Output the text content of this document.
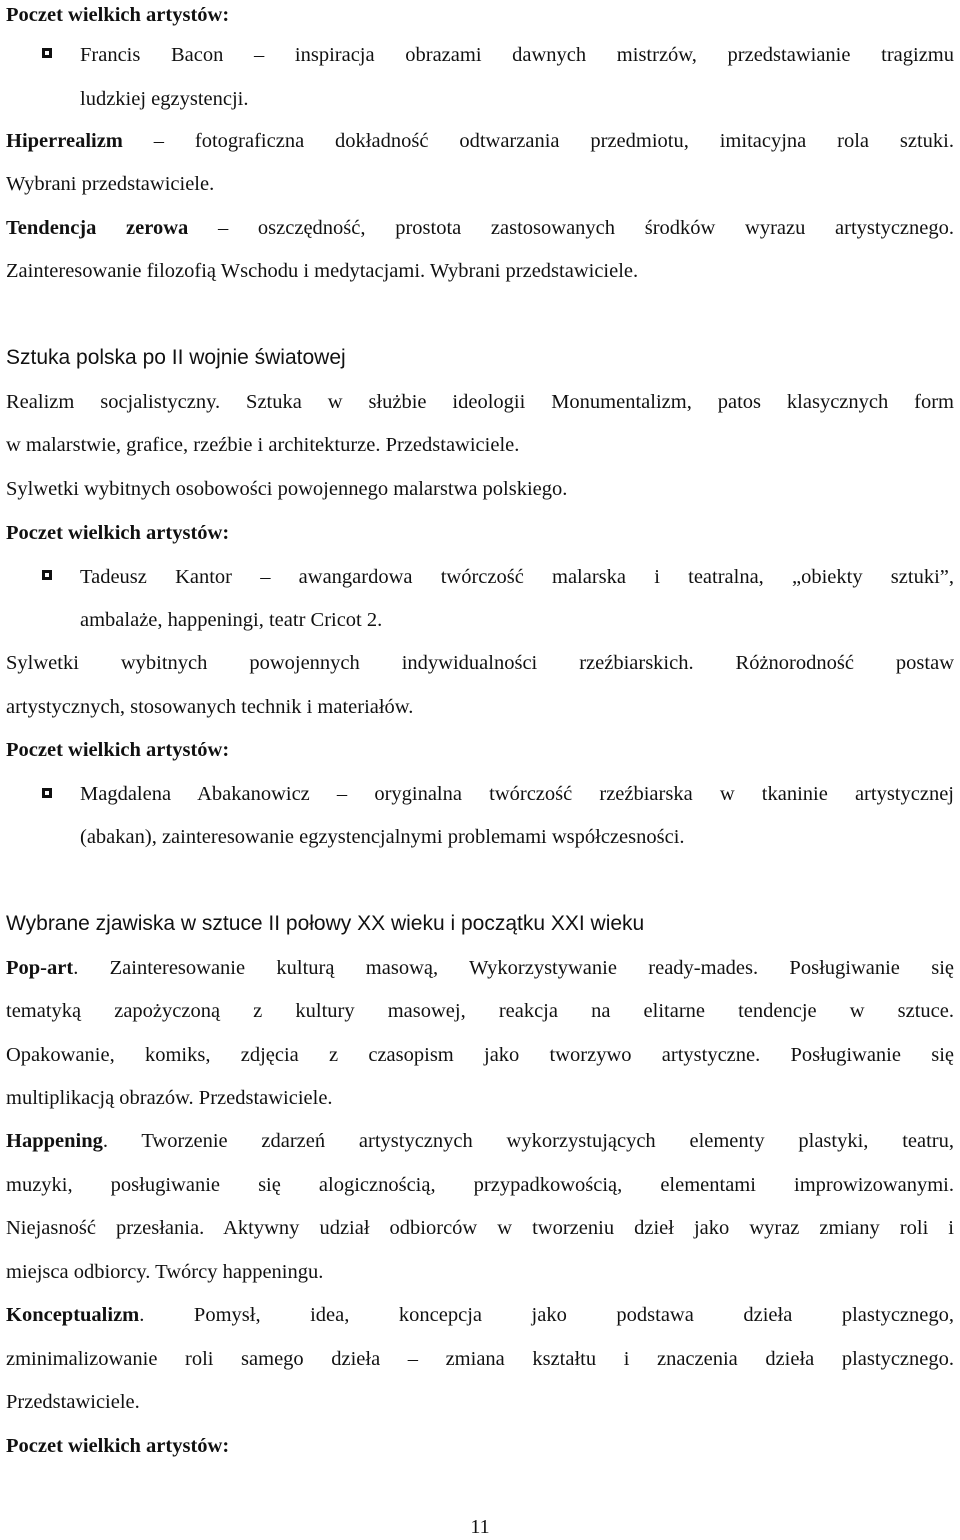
Poczet wielkich artystów:

Francis Bacon – inspiracja obrazami dawnych mistrzów, przedstawianie tragizmu

ludzkiej egzystencji.

Hiperrealizm – fotograficzna dokładność odtwarzania przedmiotu, imitacyjna rola sztuki.

Wybrani przedstawiciele.

Tendencja zerowa – oszczędność, prostota zastosowanych środków wyrazu artystycznego.

Zainteresowanie filozofią Wschodu i medytacjami. Wybrani przedstawiciele.

Sztuka polska po II wojnie światowej

Realizm socjalistyczny. Sztuka w służbie ideologii Monumentalizm, patos klasycznych form

w malarstwie, grafice, rzeźbie i architekturze. Przedstawiciele.

Sylwetki wybitnych osobowości powojennego malarstwa polskiego.

Poczet wielkich artystów:

Tadeusz Kantor – awangardowa twórczość malarska i teatralna, „obiekty sztuki”,

ambalaże, happeningi, teatr Cricot 2.

Sylwetki wybitnych powojennych indywidualności rzeźbiarskich. Różnorodność postaw

artystycznych, stosowanych technik i materiałów.

Poczet wielkich artystów:

Magdalena Abakanowicz – oryginalna twórczość rzeźbiarska w tkaninie artystycznej

(abakan), zainteresowanie egzystencjalnymi problemami współczesności.

Wybrane zjawiska w sztuce II połowy XX wieku i początku XXI wieku

Pop-art. Zainteresowanie kulturą masową, Wykorzystywanie ready-mades. Posługiwanie się

tematyką zapożyczoną z kultury masowej, reakcja na elitarne tendencje w sztuce.

Opakowanie, komiks, zdjęcia z czasopism jako tworzywo artystyczne. Posługiwanie się

multiplikacją obrazów. Przedstawiciele.

Happening. Tworzenie zdarzeń artystycznych wykorzystujących elementy plastyki, teatru,

muzyki, posługiwanie się alogicznością, przypadkowością, elementami improwizowanymi.

Niejasność przesłania. Aktywny udział odbiorców w tworzeniu dzieł jako wyraz zmiany roli i

miejsca odbiorcy. Twórcy happeningu.

Konceptualizm. Pomysł, idea, koncepcja jako podstawa dzieła plastycznego,

zminimalizowanie roli samego dzieła – zmiana kształtu i znaczenia dzieła plastycznego.

Przedstawiciele.

Poczet wielkich artystów:

11
